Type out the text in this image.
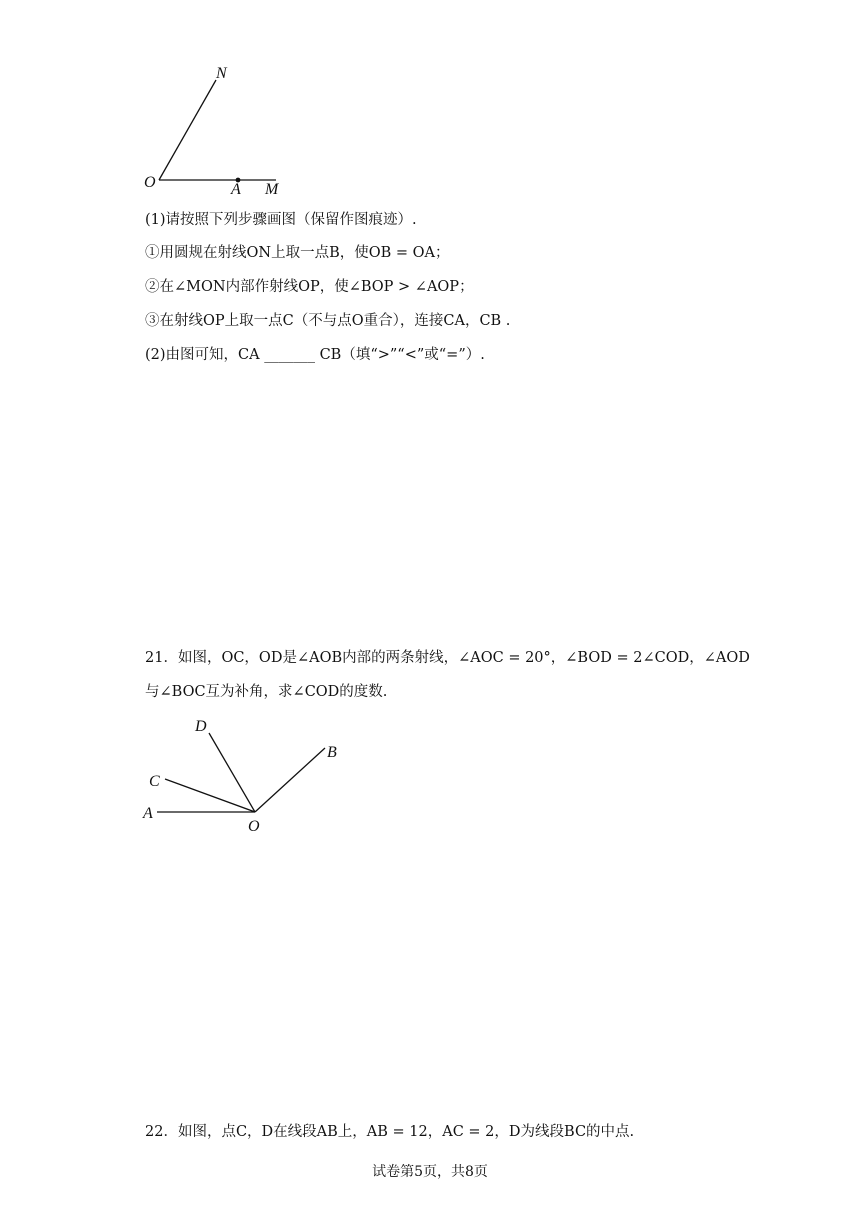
N
O	A M
(1)请按照下列步骤画图（保留作图痕迹）.
①用圆规在射线ON上取一点B，使OB = OA；
②在∠MON内部作射线OP，使∠BOP > ∠AOP；
③在射线OP上取一点C（不与点O重合），连接CA，CB .
(2)由图可知，CA _______ CB（填“>”“<”或“=”）.
21．如图，OC，OD是∠AOB内部的两条射线，∠AOC = 20°，∠BOD = 2∠COD，∠AOD
与∠BOC互为补角，求∠COD的度数.
D
B
C
A
O
22．如图，点C，D在线段AB上，AB = 12，AC = 2，D为线段BC的中点.
试卷第5页，共8页
